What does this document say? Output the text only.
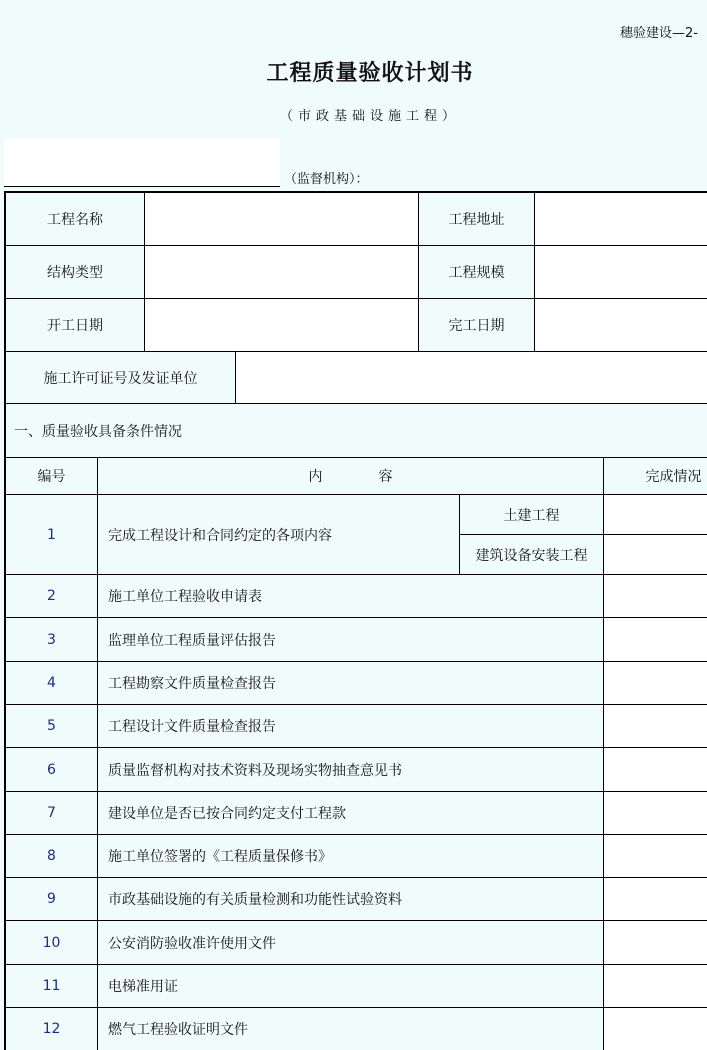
穗验建设—2-
工程质量验收计划书
（市政基础设施工程）
（监督机构）：
工程名称	工程地址
结构类型	工程规模
开工日期	完工日期
施工许可证号及发证单位
一、质量验收具备条件情况
编号	内　　　　容	完成情况
1	完成工程设计和合同约定的各项内容
土建工程
建筑设备安装工程
2	施工单位工程验收申请表
3	监理单位工程质量评估报告
4	工程勘察文件质量检查报告
5	工程设计文件质量检查报告
6	质量监督机构对技术资料及现场实物抽查意见书
7	建设单位是否已按合同约定支付工程款
8	施工单位签署的《工程质量保修书》
9	市政基础设施的有关质量检测和功能性试验资料
10	公安消防验收准许使用文件
11	电梯准用证
12	燃气工程验收证明文件
